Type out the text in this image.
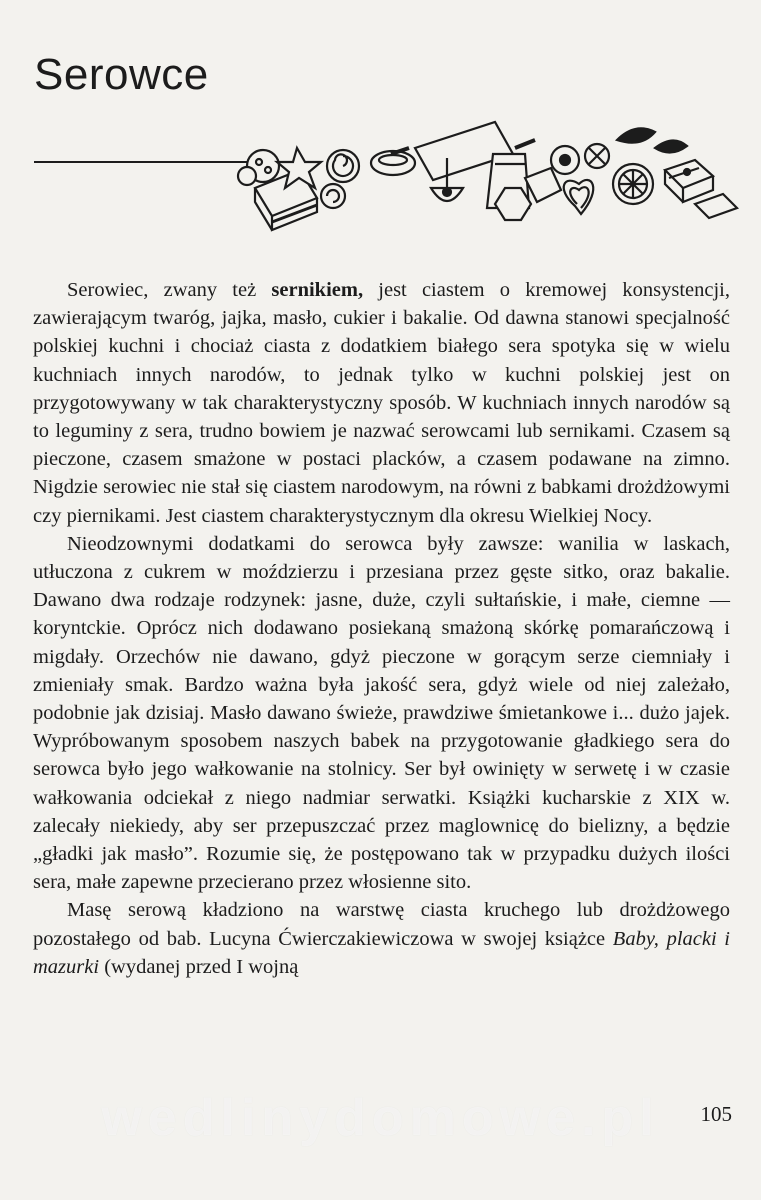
Serowce

Serowiec, zwany też sernikiem, jest ciastem o kremowej konsystencji, zawierającym twaróg, jajka, masło, cukier i bakalie. Od dawna stanowi specjalność polskiej kuchni i chociaż ciasta z dodatkiem białego sera spotyka się w wielu kuchniach innych narodów, to jednak tylko w kuchni polskiej jest on przygotowywany w tak charakterystyczny sposób. W kuchniach innych narodów są to leguminy z sera, trudno bowiem je nazwać serowcami lub sernikami. Czasem są pieczone, czasem smażone w postaci placków, a czasem podawane na zimno. Nigdzie serowiec nie stał się ciastem narodowym, na równi z babkami drożdżowymi czy piernikami. Jest ciastem charakterystycznym dla okresu Wielkiej Nocy.

Nieodzownymi dodatkami do serowca były zawsze: wanilia w laskach, utłuczona z cukrem w moździerzu i przesiana przez gęste sitko, oraz bakalie. Dawano dwa rodzaje rodzynek: jasne, duże, czyli sułtańskie, i małe, ciemne — koryntckie. Oprócz nich dodawano posiekaną smażoną skórkę pomarańczową i migdały. Orzechów nie dawano, gdyż pieczone w gorącym serze ciemniały i zmieniały smak. Bardzo ważna była jakość sera, gdyż wiele od niej zależało, podobnie jak dzisiaj. Masło dawano świeże, prawdziwe śmietankowe i... dużo jajek. Wypróbowanym sposobem naszych babek na przygotowanie gładkiego sera do serowca było jego wałkowanie na stolnicy. Ser był owinięty w serwetę i w czasie wałkowania odciekał z niego nadmiar serwatki. Książki kucharskie z XIX w. zalecały niekiedy, aby ser przepuszczać przez maglownicę do bielizny, a będzie „gładki jak masło”. Rozumie się, że postępowano tak w przypadku dużych ilości sera, małe zapewne przecierano przez włosienne sito.

Masę serową kładziono na warstwę ciasta kruchego lub drożdżowego pozostałego od bab. Lucyna Ćwierczakiewiczowa w swojej książce Baby, placki i mazurki (wydanej przed I wojną

wedlinydomowe.pl	105
